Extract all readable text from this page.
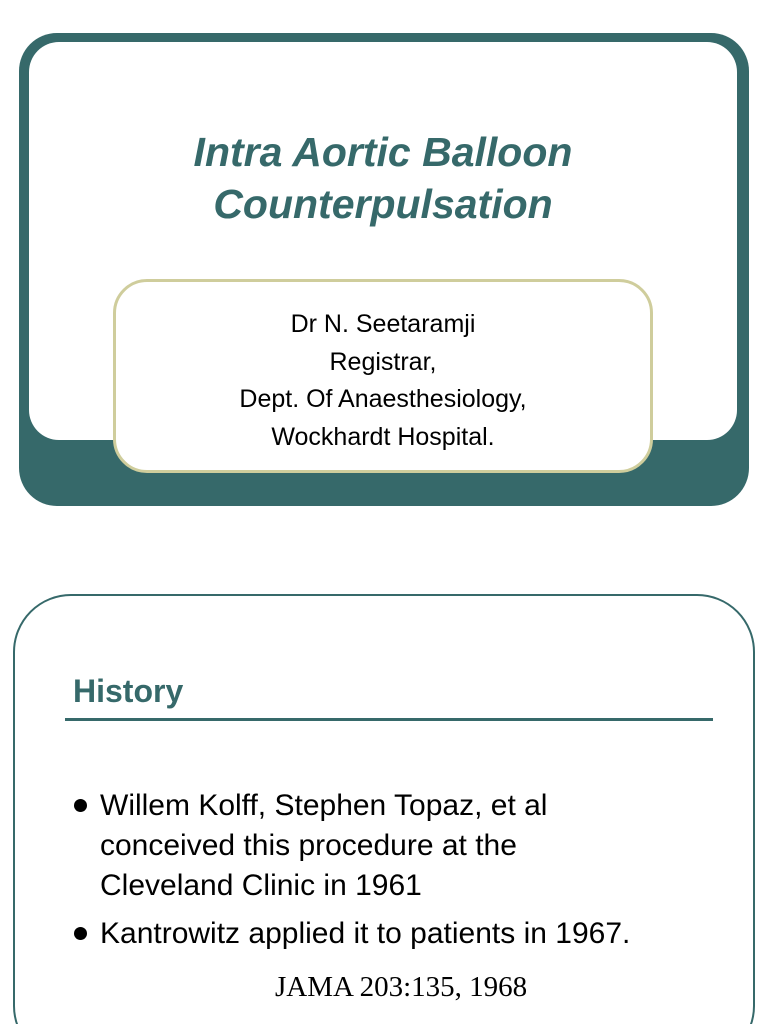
Intra Aortic Balloon
Counterpulsation
Dr N. Seetaramji
Registrar,
Dept. Of Anaesthesiology,
Wockhardt Hospital.
History
Willem Kolff, Stephen Topaz, et al
conceived this procedure at the
Cleveland Clinic in 1961
Kantrowitz applied it to patients in 1967.
JAMA 203:135, 1968
